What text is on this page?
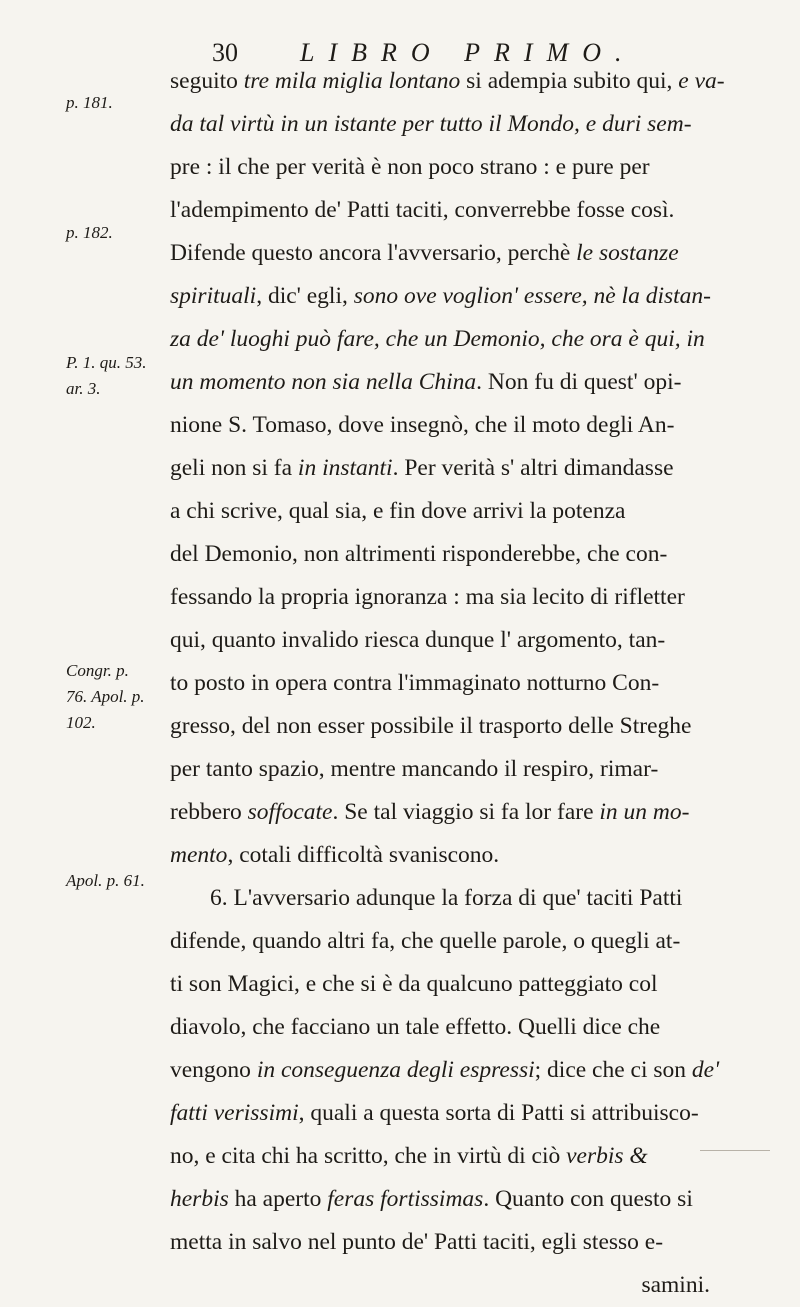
30 LIBRO PRIMO.
p. 181.
p. 182.
P. 1. qu. 53. ar. 3.
Congr. p. 76. Apol. p. 102.
Apol. p. 61.
seguito tre mila miglia lontano si adempia subito qui, e va-
da tal virtù in un istante per tutto il Mondo, e duri sem-
pre : il che per verità è non poco strano : e pure per
l'adempimento de' Patti taciti, converrebbe fosse così.
Difende questo ancora l'avversario, perchè le sostanze
spirituali, dic' egli, sono ove voglion' essere, nè la distan-
za de' luoghi può fare, che un Demonio, che ora è qui, in
un momento non sia nella China. Non fu di quest' opi-
nione S. Tomaso, dove insegnò, che il moto degli An-
geli non si fa in instanti. Per verità s' altri dimandasse
a chi scrive, qual sia, e fin dove arrivi la potenza
del Demonio, non altrimenti risponderebbe, che con-
fessando la propria ignoranza : ma sia lecito di rifletter
qui, quanto invalido riesca dunque l' argomento, tan-
to posto in opera contra l'immaginato notturno Con-
gresso, del non esser possibile il trasporto delle Streghe
per tanto spazio, mentre mancando il respiro, rimar-
rebbero soffocate. Se tal viaggio si fa lor fare in un mo-
mento, cotali difficoltà svaniscono.
6. L'avversario adunque la forza di que' taciti Patti
difende, quando altri fa, che quelle parole, o quegli at-
ti son Magici, e che si è da qualcuno patteggiato col
diavolo, che facciano un tale effetto. Quelli dice che
vengono in conseguenza degli espressi; dice che ci son de'
fatti verissimi, quali a questa sorta di Patti si attribuisco-
no, e cita chi ha scritto, che in virtù di ciò verbis &
herbis ha aperto feras fortissimas. Quanto con questo si
metta in salvo nel punto de' Patti taciti, egli stesso e-
samini.
